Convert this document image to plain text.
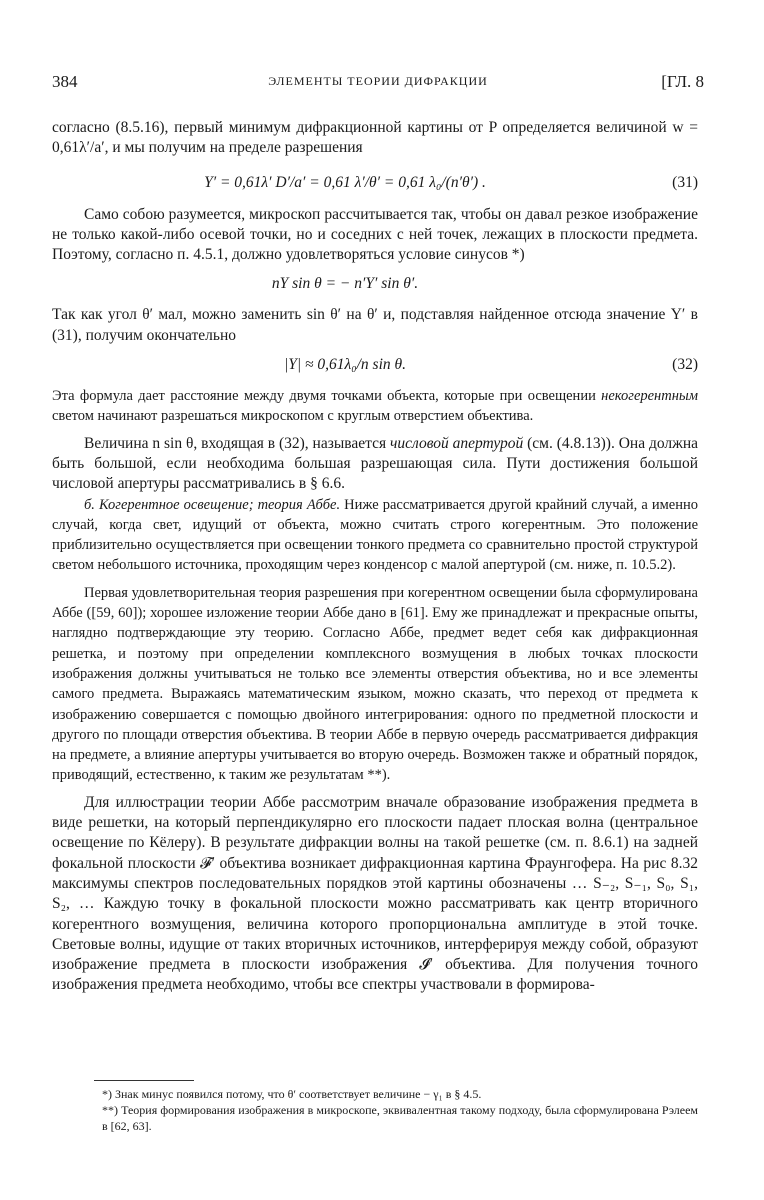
384	ЭЛЕМЕНТЫ ТЕОРИИ ДИФРАКЦИИ	[ГЛ. 8

согласно (8.5.16), первый минимум дифракционной картины от P определяется величиной w = 0,61λ′/a′, и мы получим на пределе разрешения

Y′ = 0,61λ′ D′/a′ = 0,61 λ′/θ′ = 0,61 λ₀/(n′θ′) .	(31)

Само собою разумеется, микроскоп рассчитывается так, чтобы он давал резкое изображение не только какой-либо осевой точки, но и соседних с ней точек, лежащих в плоскости предмета. Поэтому, согласно п. 4.5.1, должно удовлетворяться условие синусов *)

nY sin θ = − n′Y′ sin θ′.

Так как угол θ′ мал, можно заменить sin θ′ на θ′ и, подставляя найденное отсюда значение Y′ в (31), получим окончательно

|Y| ≈ 0,61λ₀/n sin θ.	(32)

Эта формула дает расстояние между двумя точками объекта, которые при освещении некогерентным светом начинают разрешаться микроскопом с круглым отверстием объектива.

Величина n sin θ, входящая в (32), называется числовой апертурой (см. (4.8.13)). Она должна быть большой, если необходима большая разрешающая сила. Пути достижения большой числовой апертуры рассматривались в § 6.6.

б. Когерентное освещение; теория Аббе. Ниже рассматривается другой крайний случай, а именно случай, когда свет, идущий от объекта, можно считать строго когерентным. Это положение приблизительно осуществляется при освещении тонкого предмета со сравнительно простой структурой светом небольшого источника, проходящим через конденсор с малой апертурой (см. ниже, п. 10.5.2).

Первая удовлетворительная теория разрешения при когерентном освещении была сформулирована Аббе ([59, 60]); хорошее изложение теории Аббе дано в [61]. Ему же принадлежат и прекрасные опыты, наглядно подтверждающие эту теорию. Согласно Аббе, предмет ведет себя как дифракционная решетка, и поэтому при определении комплексного возмущения в любых точках плоскости изображения должны учитываться не только все элементы отверстия объектива, но и все элементы самого предмета. Выражаясь математическим языком, можно сказать, что переход от предмета к изображению совершается с помощью двойного интегрирования: одного по предметной плоскости и другого по площади отверстия объектива. В теории Аббе в первую очередь рассматривается дифракция на предмете, а влияние апертуры учитывается во вторую очередь. Возможен также и обратный порядок, приводящий, естественно, к таким же результатам **).

Для иллюстрации теории Аббе рассмотрим вначале образование изображения предмета в виде решетки, на который перпендикулярно его плоскости падает плоская волна (центральное освещение по Кёлеру). В результате дифракции волны на такой решетке (см. п. 8.6.1) на задней фокальной плоскости 𝓕′ объектива возникает дифракционная картина Фраунгофера. На рис 8.32 максимумы спектров последовательных порядков этой картины обозначены … S₋₂, S₋₁, S₀, S₁, S₂, … Каждую точку в фокальной плоскости можно рассматривать как центр вторичного когерентного возмущения, величина которого пропорциональна амплитуде в этой точке. Световые волны, идущие от таких вторичных источников, интерферируя между собой, образуют изображение предмета в плоскости изображения 𝓘′ объектива. Для получения точного изображения предмета необходимо, чтобы все спектры участвовали в формирова-

*) Знак минус появился потому, что θ′ соответствует величине − γ₁ в § 4.5.

**) Теория формирования изображения в микроскопе, эквивалентная такому подходу, была сформулирована Рэлеем в [62, 63].
